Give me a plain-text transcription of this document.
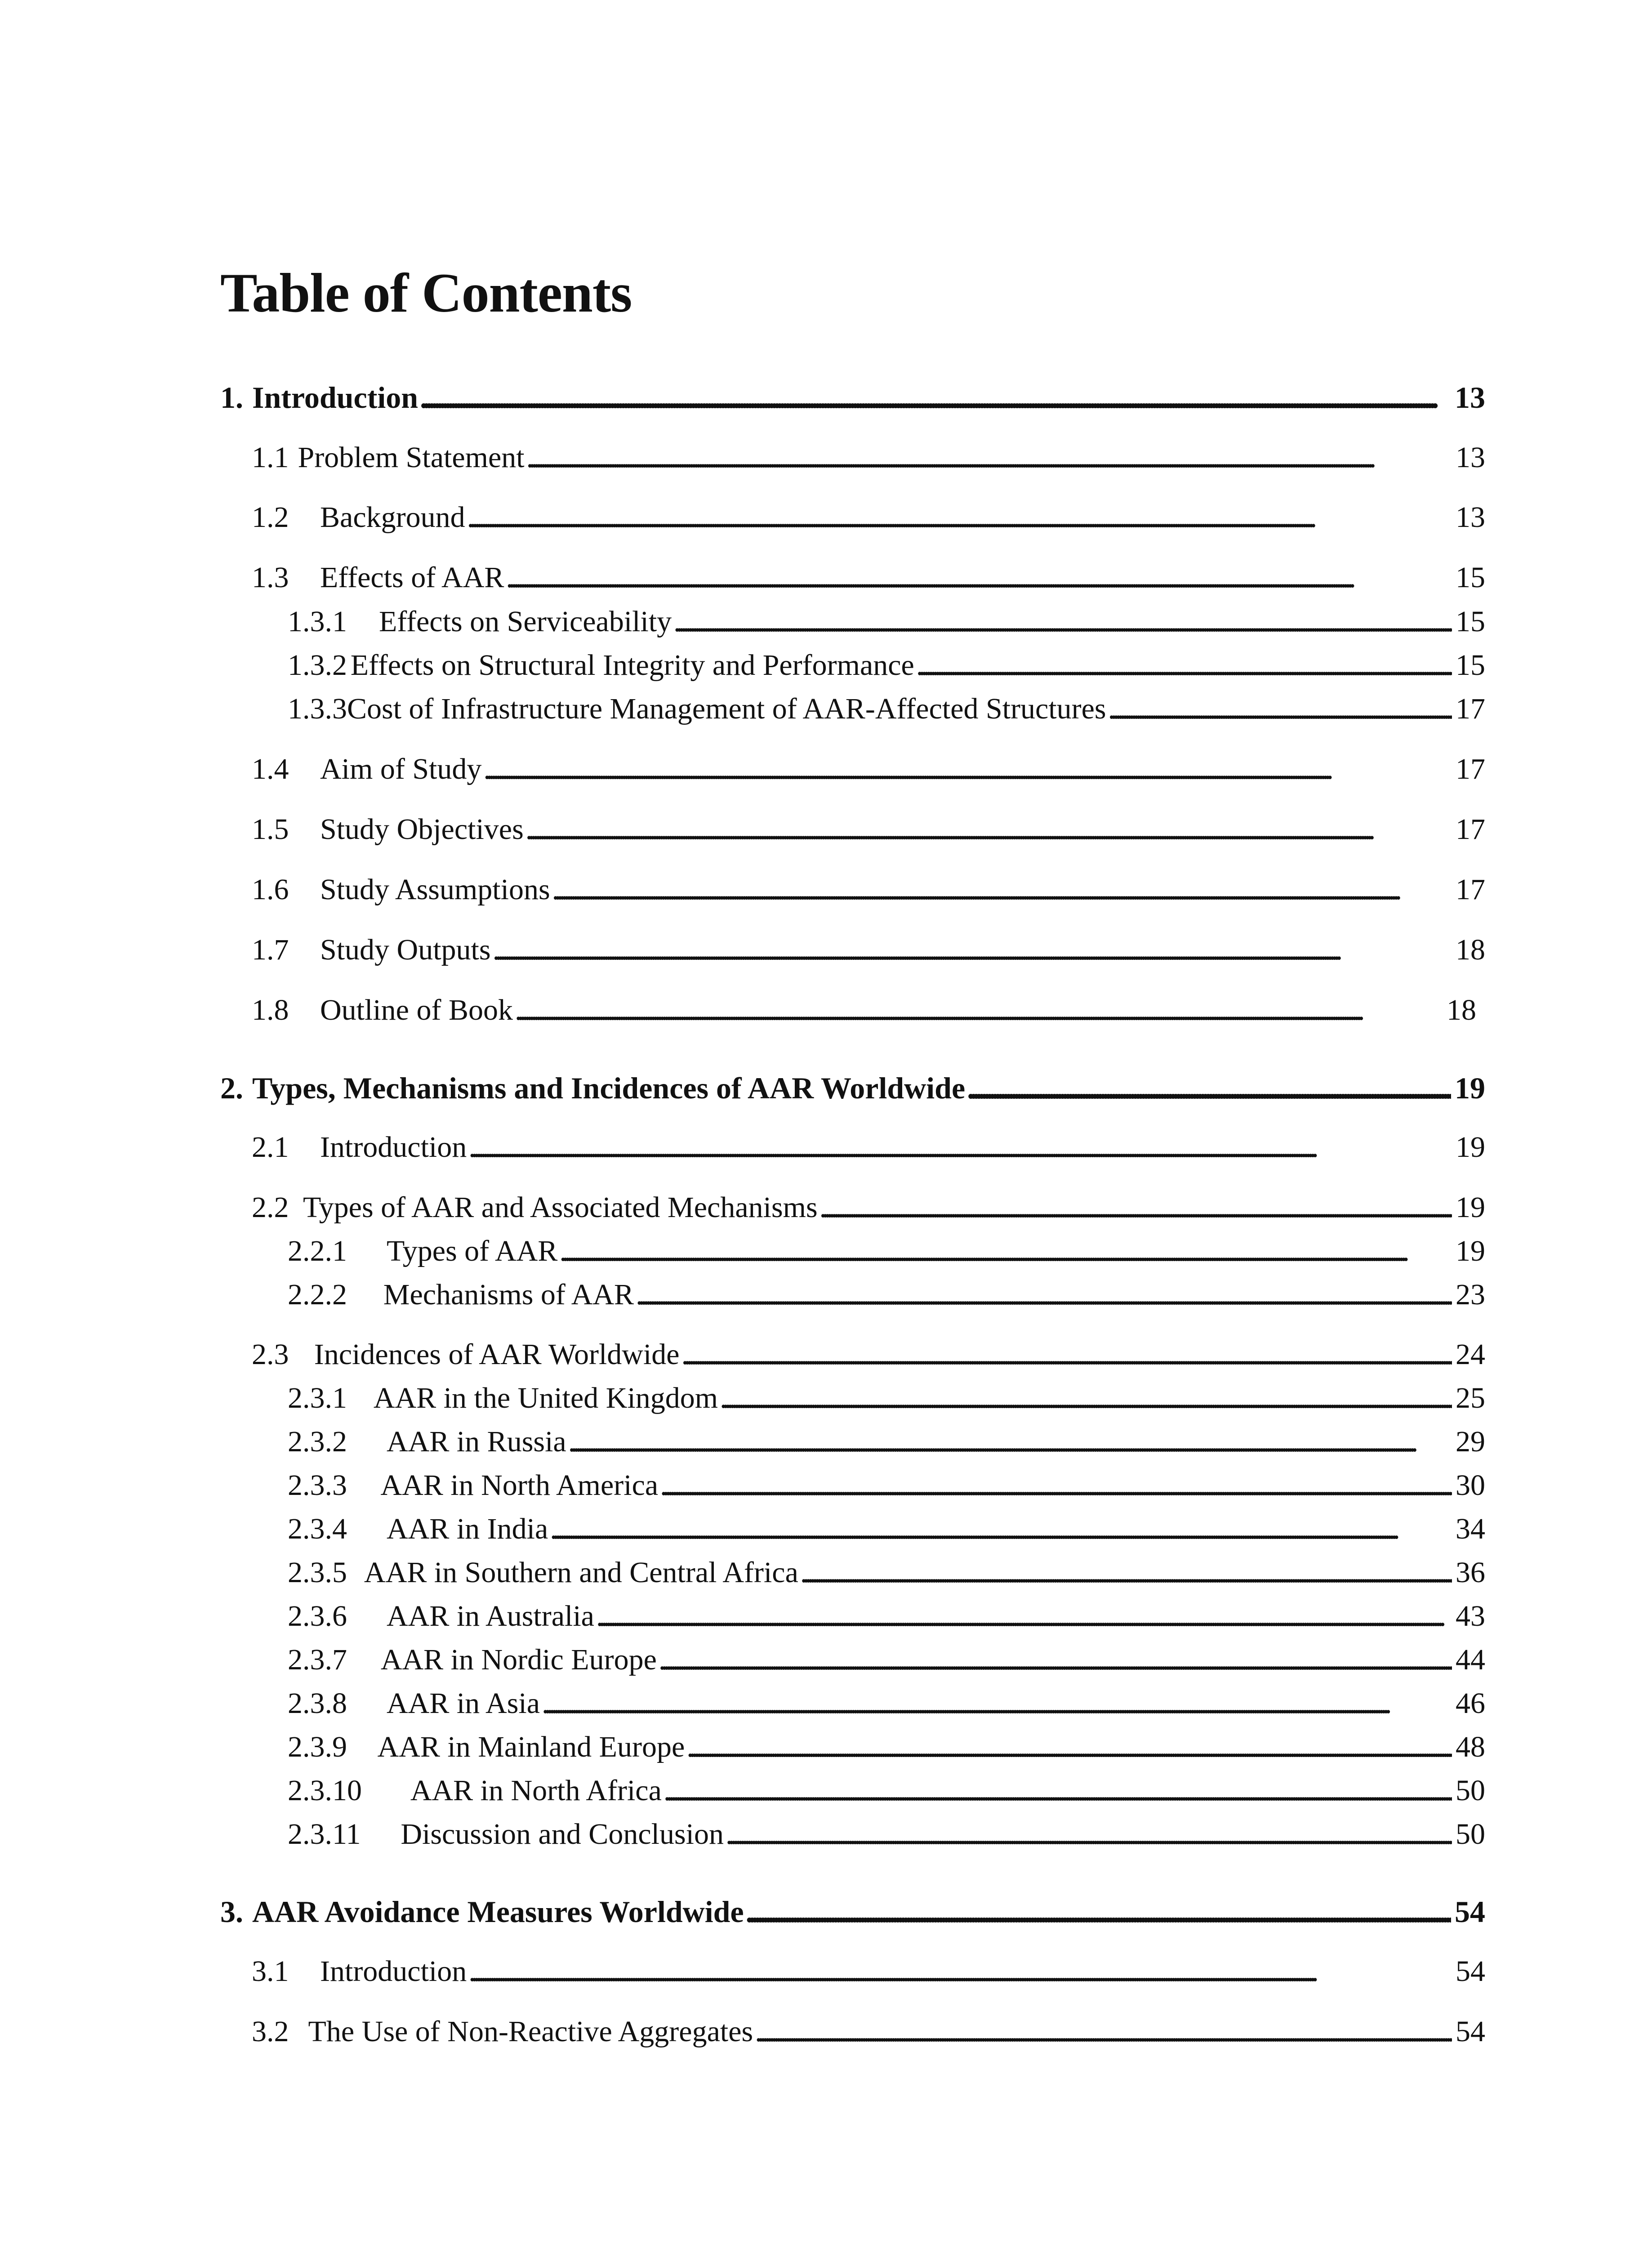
Table of Contents
1. Introduction . . .	13
1.1 Problem Statement . . .	13
1.2	Background . . .	13
1.3	Effects of AAR . . .	15
1.3.1	Effects on Serviceability . . .	15
1.3.2 Effects on Structural Integrity and Performance . . .	15
1.3.3 Cost of Infrastructure Management of AAR-Affected Structures . . .	17
1.4	Aim of Study . . .	17
1.5	Study Objectives . . .	17
1.6	Study Assumptions . . .	17
1.7	Study Outputs . . .	18
1.8	Outline of Book . . .	18
2. Types, Mechanisms and Incidences of AAR Worldwide . . .	19
2.1	Introduction . . .	19
2.2 Types of AAR and Associated Mechanisms . . .	19
2.2.1	Types of AAR . . .	19
2.2.2	Mechanisms of AAR . . .	23
2.3 Incidences of AAR Worldwide . . .	24
2.3.1 AAR in the United Kingdom . . .	25
2.3.2	AAR in Russia . . .	29
2.3.3	AAR in North America . . .	30
2.3.4	AAR in India . . .	34
2.3.5 AAR in Southern and Central Africa . . .	36
2.3.6	AAR in Australia . . .	43
2.3.7	AAR in Nordic Europe . . .	44
2.3.8	AAR in Asia . . .	46
2.3.9	AAR in Mainland Europe . . .	48
2.3.10	AAR in North Africa . . .	50
2.3.11	Discussion and Conclusion . . .	50
3. AAR Avoidance Measures Worldwide . . .	54
3.1	Introduction . . .	54
3.2 The Use of Non-Reactive Aggregates . . .	54
